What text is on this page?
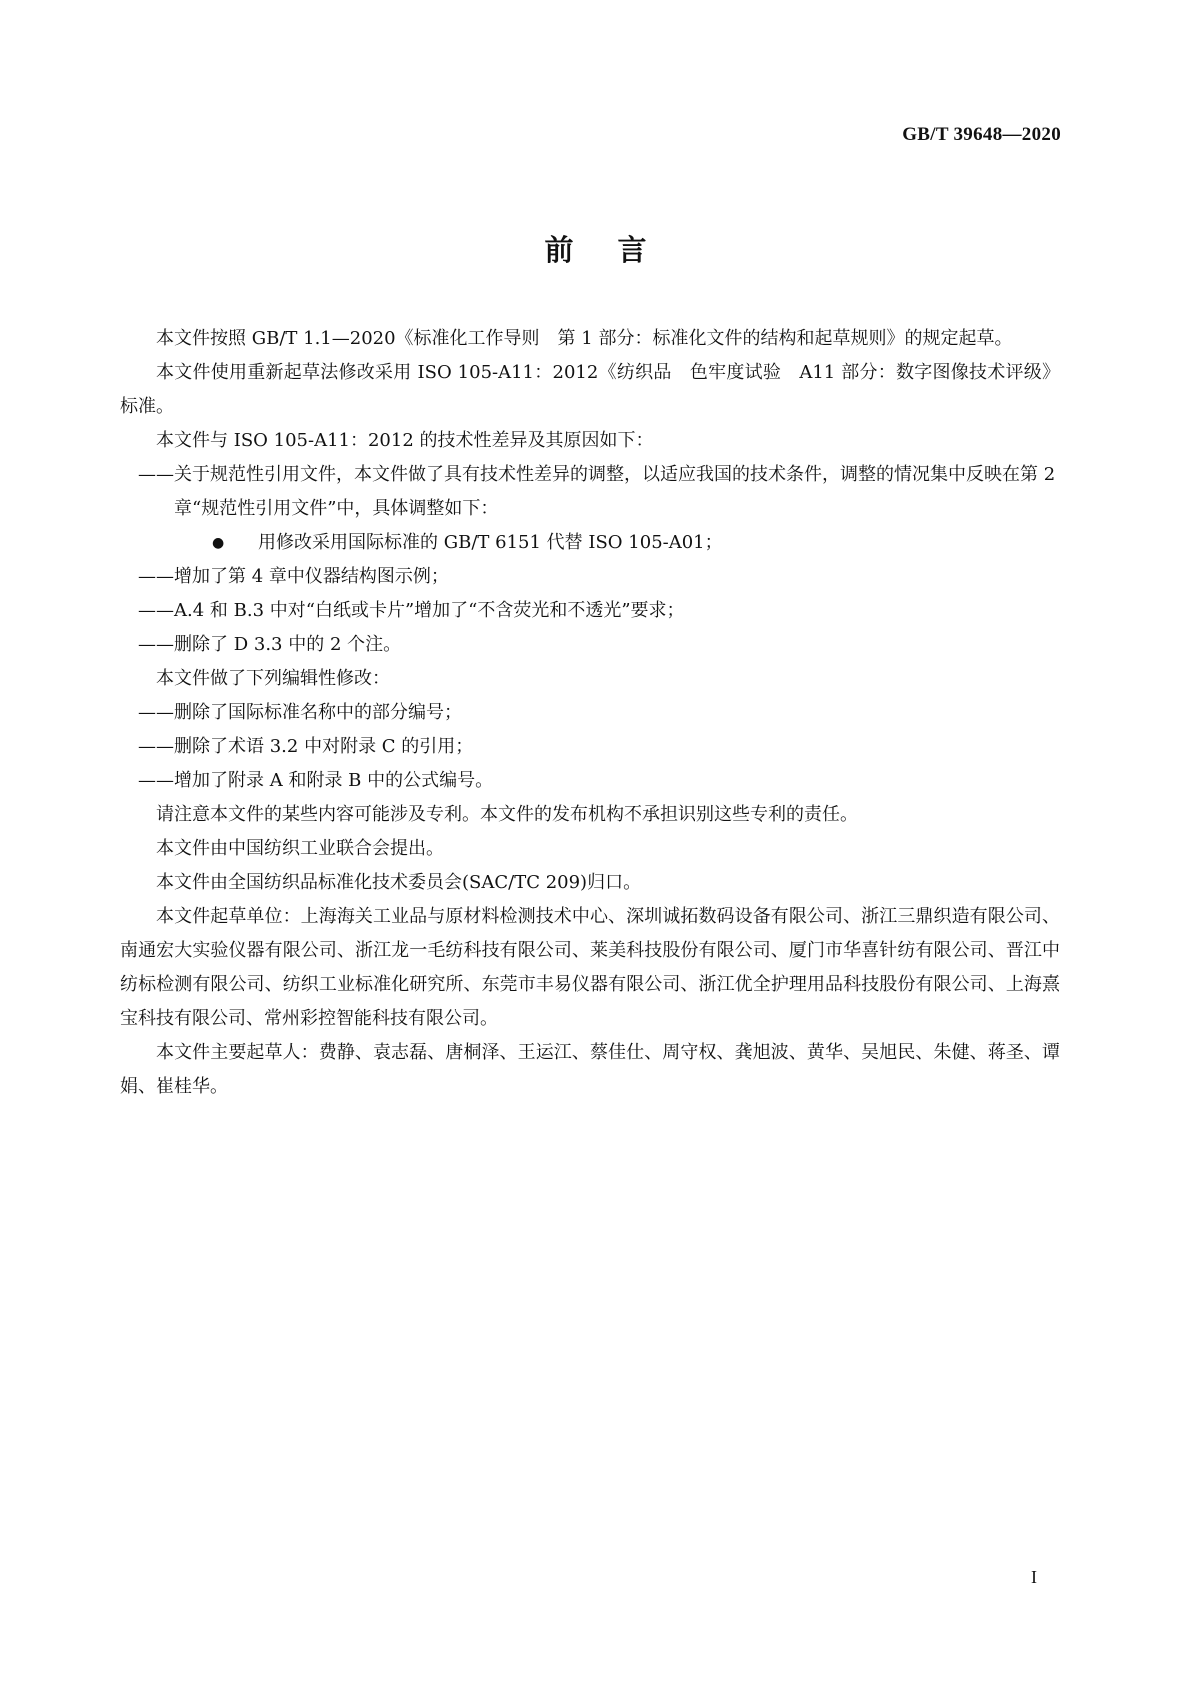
GB/T 39648—2020
前言

本文件按照 GB/T 1.1—2020《标准化工作导则　第 1 部分：标准化文件的结构和起草规则》的规定起草。

本文件使用重新起草法修改采用 ISO 105-A11：2012《纺织品　色牢度试验　A11 部分：数字图像技术评级》标准。

本文件与 ISO 105-A11：2012 的技术性差异及其原因如下：

——关于规范性引用文件，本文件做了具有技术性差异的调整，以适应我国的技术条件，调整的情况集中反映在第 2 章“规范性引用文件”中，具体调整如下：

● 用修改采用国际标准的 GB/T 6151 代替 ISO 105-A01；

——增加了第 4 章中仪器结构图示例；

——A.4 和 B.3 中对“白纸或卡片”增加了“不含荧光和不透光”要求；

——删除了 D 3.3 中的 2 个注。

本文件做了下列编辑性修改：

——删除了国际标准名称中的部分编号；

——删除了术语 3.2 中对附录 C 的引用；

——增加了附录 A 和附录 B 中的公式编号。

请注意本文件的某些内容可能涉及专利。本文件的发布机构不承担识别这些专利的责任。

本文件由中国纺织工业联合会提出。

本文件由全国纺织品标准化技术委员会(SAC/TC 209)归口。

本文件起草单位：上海海关工业品与原材料检测技术中心、深圳诚拓数码设备有限公司、浙江三鼎织造有限公司、南通宏大实验仪器有限公司、浙江龙一毛纺科技有限公司、莱美科技股份有限公司、厦门市华喜针纺有限公司、晋江中纺标检测有限公司、纺织工业标准化研究所、东莞市丰易仪器有限公司、浙江优全护理用品科技股份有限公司、上海熹宝科技有限公司、常州彩控智能科技有限公司。

本文件主要起草人：费静、袁志磊、唐桐泽、王运江、蔡佳仕、周守权、龚旭波、黄华、吴旭民、朱健、蒋圣、谭娟、崔桂华。

I
